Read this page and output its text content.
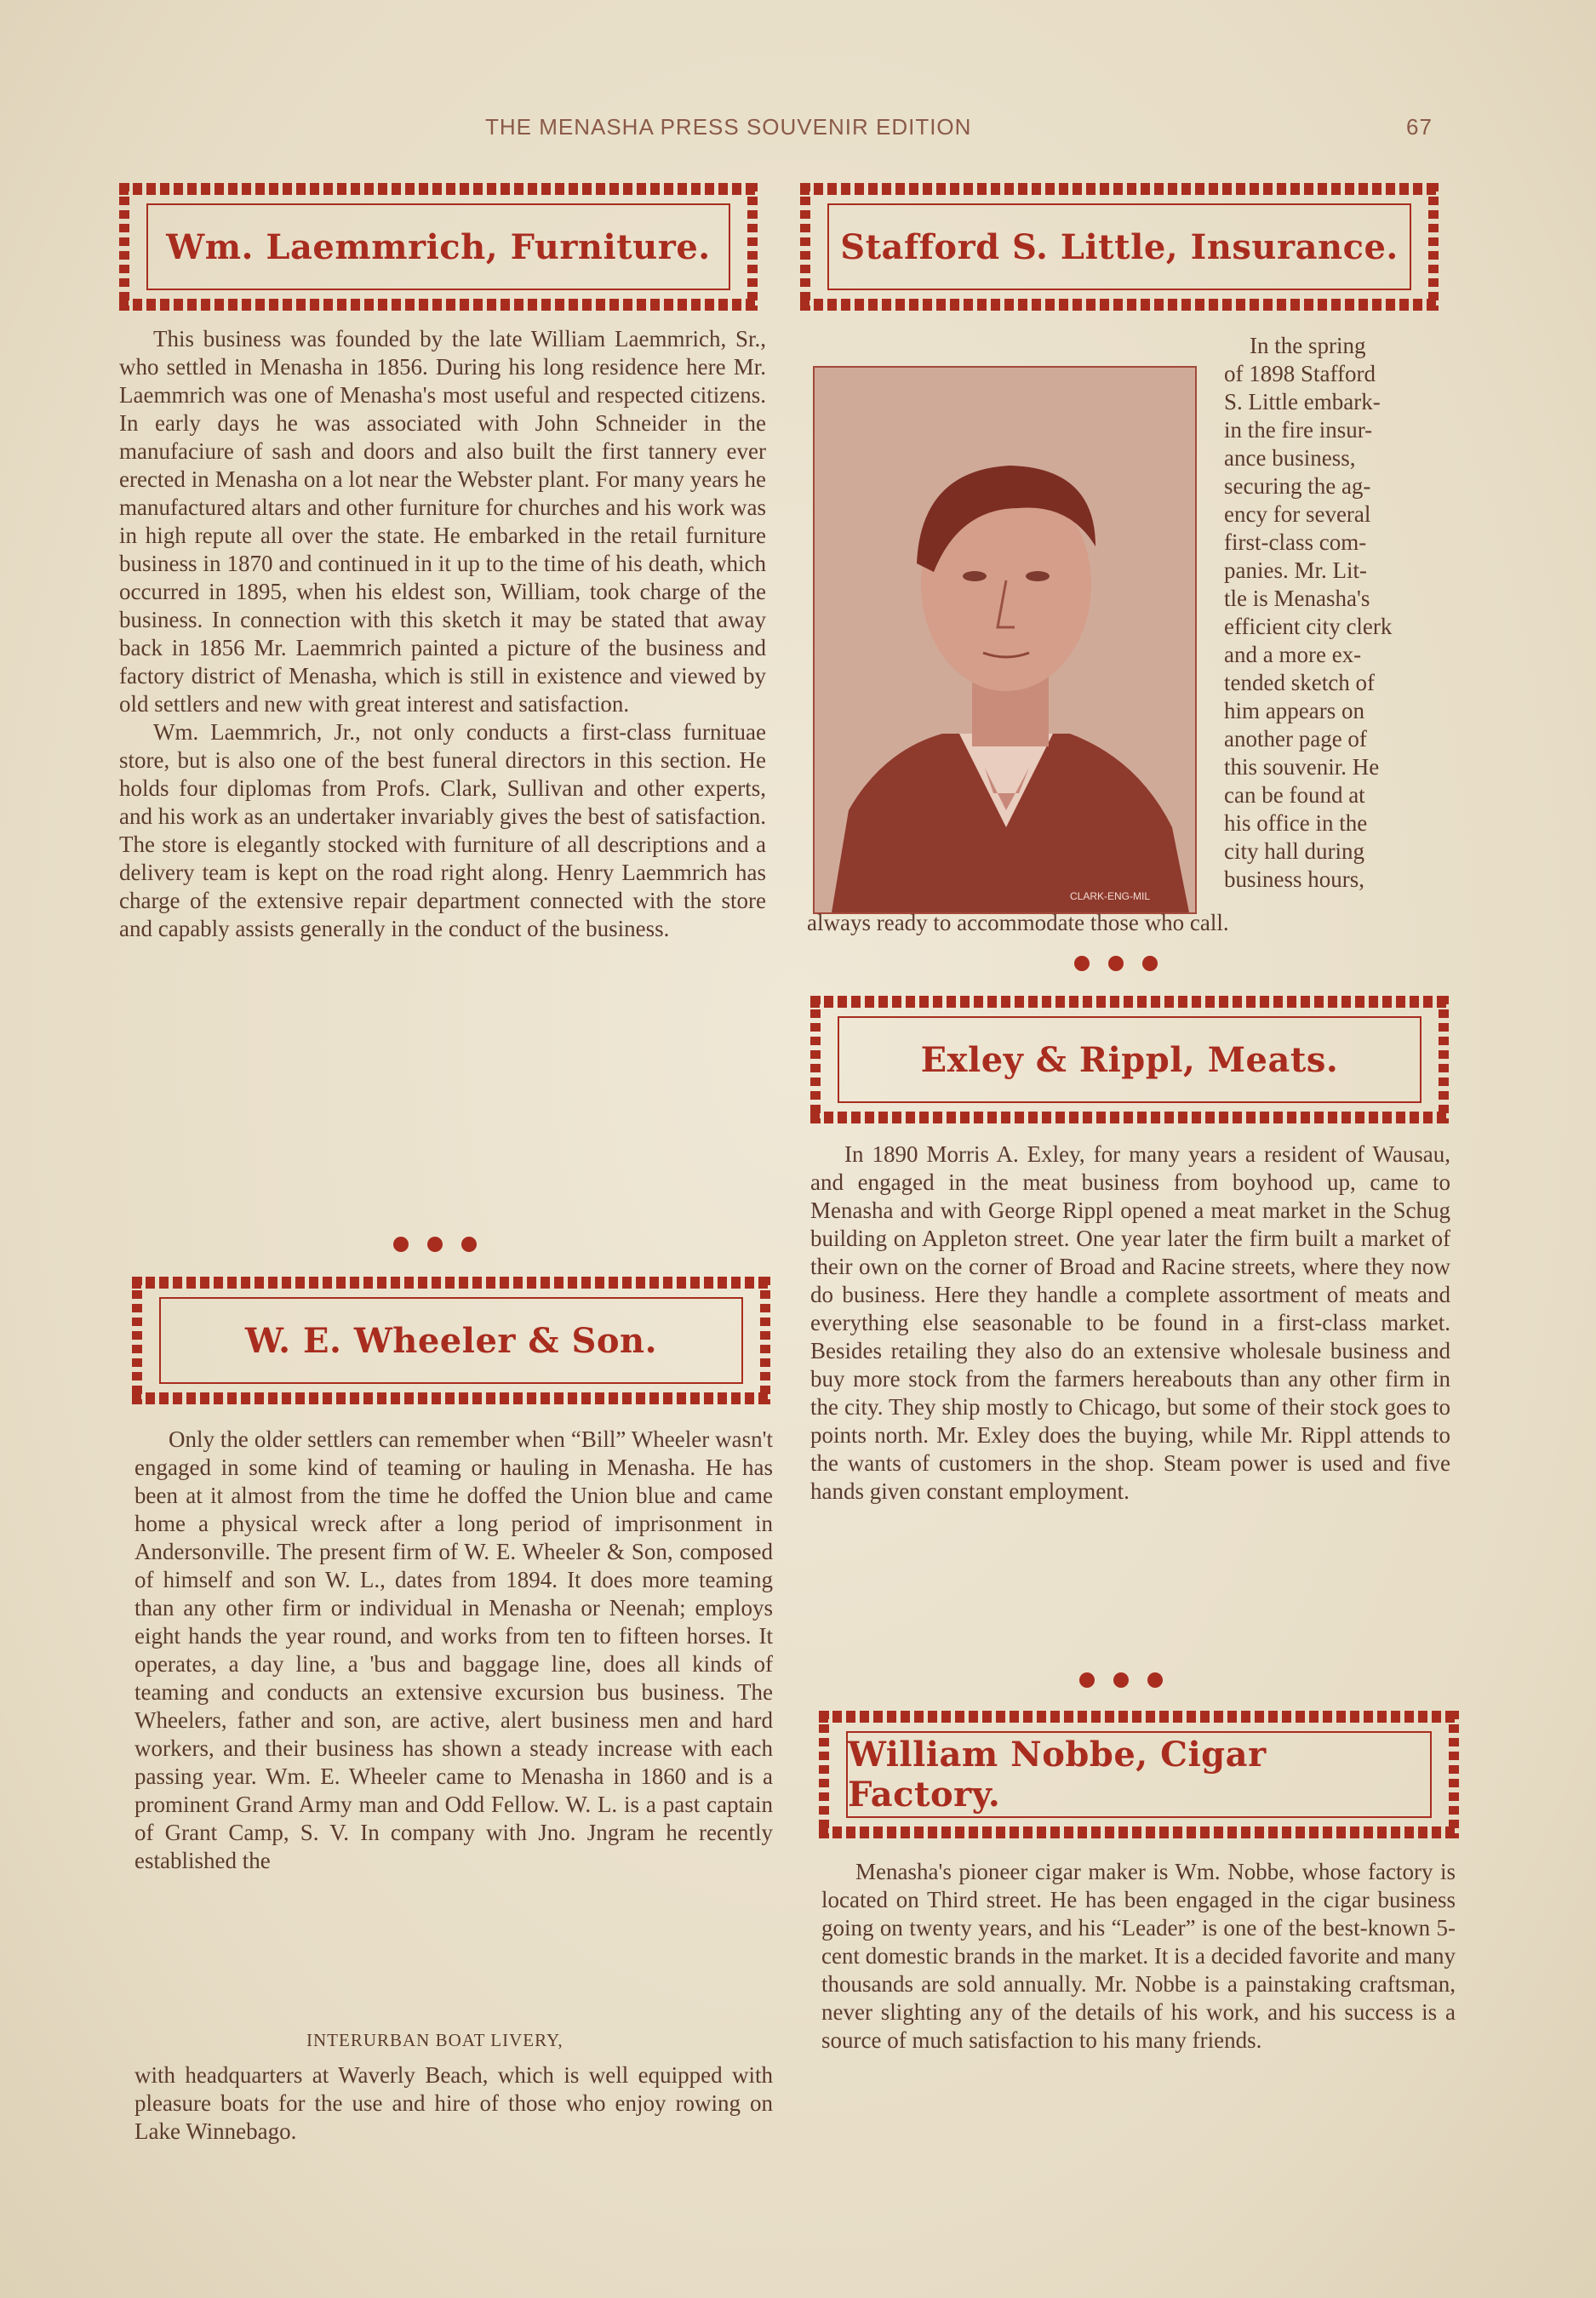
THE MENASHA PRESS SOUVENIR EDITION	67
Wm. Laemmrich, Furniture.

This business was founded by the late William Laemmrich, Sr., who settled in Menasha in 1856. During his long residence here Mr. Laemmrich was one of Menasha's most useful and respected citizens. In early days he was associated with John Schneider in the manufaciure of sash and doors and also built the first tannery ever erected in Menasha on a lot near the Webster plant. For many years he manufactured altars and other furniture for churches and his work was in high repute all over the state. He embarked in the retail furniture business in 1870 and continued in it up to the time of his death, which occurred in 1895, when his eldest son, William, took charge of the business. In connection with this sketch it may be stated that away back in 1856 Mr. Laemmrich painted a picture of the business and factory district of Menasha, which is still in existence and viewed by old settlers and new with great interest and satisfaction.

Wm. Laemmrich, Jr., not only conducts a first-class furnituae store, but is also one of the best funeral directors in this section. He holds four diplomas from Profs. Clark, Sullivan and other experts, and his work as an undertaker invariably gives the best of satisfaction. The store is elegantly stocked with furniture of all descriptions and a delivery team is kept on the road right along. Henry Laemmrich has charge of the extensive repair department connected with the store and capably assists generally in the conduct of the business.

W. E. Wheeler & Son.

Only the older settlers can remember when “Bill” Wheeler wasn't engaged in some kind of teaming or hauling in Menasha. He has been at it almost from the time he doffed the Union blue and came home a physical wreck after a long period of imprisonment in Andersonville. The present firm of W. E. Wheeler & Son, composed of himself and son W. L., dates from 1894. It does more teaming than any other firm or individual in Menasha or Neenah; employs eight hands the year round, and works from ten to fifteen horses. It operates, a day line, a 'bus and baggage line, does all kinds of teaming and conducts an extensive excursion bus business. The Wheelers, father and son, are active, alert business men and hard workers, and their business has shown a steady increase with each passing year. Wm. E. Wheeler came to Menasha in 1860 and is a prominent Grand Army man and Odd Fellow. W. L. is a past captain of Grant Camp, S. V. In company with Jno. Jngram he recently established the

INTERURBAN BOAT LIVERY,

with headquarters at Waverly Beach, which is well equipped with pleasure boats for the use and hire of those who enjoy rowing on Lake Winnebago.

Stafford S. Little, Insurance.
CLARK-ENG-MIL
In the spring
of 1898 Stafford
S. Little embark-
in the fire insur-
ance business,
securing the ag-
ency for several
first-class com-
panies. Mr. Lit-
tle is Menasha's
efficient city clerk
and a more ex-
tended sketch of
him appears on
another page of
this souvenir. He
can be found at
his office in the
city hall during
business hours,

always ready to accommodate those who call.

Exley & Rippl, Meats.

In 1890 Morris A. Exley, for many years a resident of Wausau, and engaged in the meat business from boyhood up, came to Menasha and with George Rippl opened a meat market in the Schug building on Appleton street. One year later the firm built a market of their own on the corner of Broad and Racine streets, where they now do business. Here they handle a complete assortment of meats and everything else seasonable to be found in a first-class market. Besides retailing they also do an extensive wholesale business and buy more stock from the farmers hereabouts than any other firm in the city. They ship mostly to Chicago, but some of their stock goes to points north. Mr. Exley does the buying, while Mr. Rippl attends to the wants of customers in the shop. Steam power is used and five hands given constant employment.

William Nobbe, Cigar Factory.

Menasha's pioneer cigar maker is Wm. Nobbe, whose factory is located on Third street. He has been engaged in the cigar business going on twenty years, and his “Leader” is one of the best-known 5-cent domestic brands in the market. It is a decided favorite and many thousands are sold annually. Mr. Nobbe is a painstaking craftsman, never slighting any of the details of his work, and his success is a source of much satisfaction to his many friends.
